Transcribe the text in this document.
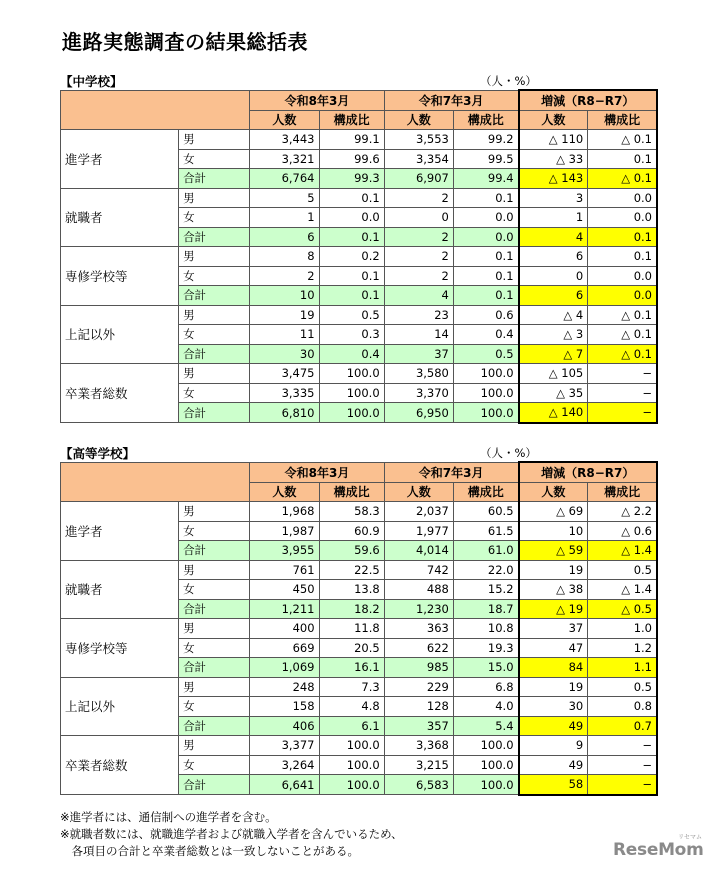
進路実態調査の結果総括表
【中学校】	（人・%）
		令和8年3月		令和7年3月		増減（R8−R7）	
		人数	構成比	人数	構成比	人数	構成比
進学者	男	3,443	99.1	3,553	99.2	△ 110	△ 0.1
	女	3,321	99.6	3,354	99.5	△ 33	0.1
	合計	6,764	99.3	6,907	99.4	△ 143	△ 0.1
就職者	男	5	0.1	2	0.1	3	0.0
	女	1	0.0	0	0.0	1	0.0
	合計	6	0.1	2	0.0	4	0.1
専修学校等	男	8	0.2	2	0.1	6	0.1
	女	2	0.1	2	0.1	0	0.0
	合計	10	0.1	4	0.1	6	0.0
上記以外	男	19	0.5	23	0.6	△ 4	△ 0.1
	女	11	0.3	14	0.4	△ 3	△ 0.1
	合計	30	0.4	37	0.5	△ 7	△ 0.1
卒業者総数	男	3,475	100.0	3,580	100.0	△ 105	−
	女	3,335	100.0	3,370	100.0	△ 35	−
	合計	6,810	100.0	6,950	100.0	△ 140	−
【高等学校】	（人・%）
		令和8年3月		令和7年3月		増減（R8−R7）	
		人数	構成比	人数	構成比	人数	構成比
進学者	男	1,968	58.3	2,037	60.5	△ 69	△ 2.2
	女	1,987	60.9	1,977	61.5	10	△ 0.6
	合計	3,955	59.6	4,014	61.0	△ 59	△ 1.4
就職者	男	761	22.5	742	22.0	19	0.5
	女	450	13.8	488	15.2	△ 38	△ 1.4
	合計	1,211	18.2	1,230	18.7	△ 19	△ 0.5
専修学校等	男	400	11.8	363	10.8	37	1.0
	女	669	20.5	622	19.3	47	1.2
	合計	1,069	16.1	985	15.0	84	1.1
上記以外	男	248	7.3	229	6.8	19	0.5
	女	158	4.8	128	4.0	30	0.8
	合計	406	6.1	357	5.4	49	0.7
卒業者総数	男	3,377	100.0	3,368	100.0	9	−
	女	3,264	100.0	3,215	100.0	49	−
	合計	6,641	100.0	6,583	100.0	58	−
※進学者には、通信制への進学者を含む。
※就職者数には、就職進学者および就職入学者を含んでいるため、
　各項目の合計と卒業者総数とは一致しないことがある。	ReseMom
リセマム
